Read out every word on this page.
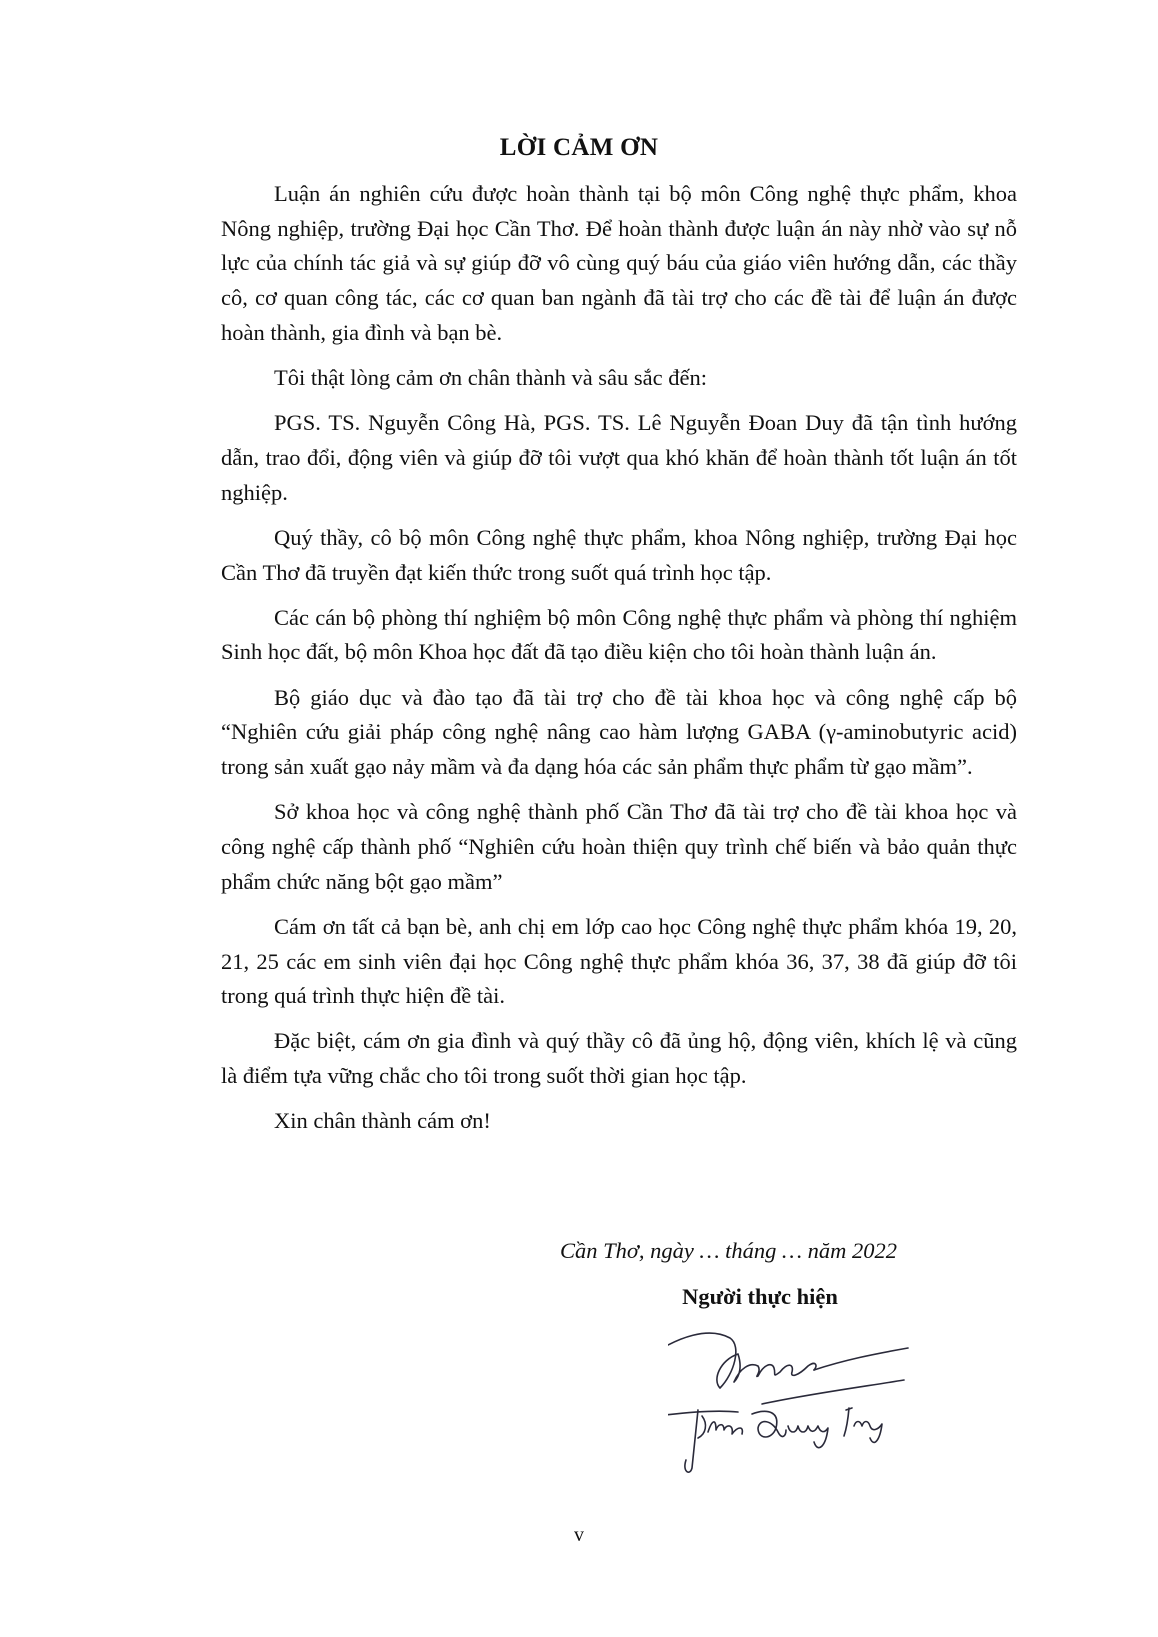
LỜI CẢM ƠN

Luận án nghiên cứu được hoàn thành tại bộ môn Công nghệ thực phẩm, khoa Nông nghiệp, trường Đại học Cần Thơ. Để hoàn thành được luận án này nhờ vào sự nỗ lực của chính tác giả và sự giúp đỡ vô cùng quý báu của giáo viên hướng dẫn, các thầy cô, cơ quan công tác, các cơ quan ban ngành đã tài trợ cho các đề tài để luận án được hoàn thành, gia đình và bạn bè.

Tôi thật lòng cảm ơn chân thành và sâu sắc đến:

PGS. TS. Nguyễn Công Hà, PGS. TS. Lê Nguyễn Đoan Duy đã tận tình hướng dẫn, trao đổi, động viên và giúp đỡ tôi vượt qua khó khăn để hoàn thành tốt luận án tốt nghiệp.

Quý thầy, cô bộ môn Công nghệ thực phẩm, khoa Nông nghiệp, trường Đại học Cần Thơ đã truyền đạt kiến thức trong suốt quá trình học tập.

Các cán bộ phòng thí nghiệm bộ môn Công nghệ thực phẩm và phòng thí nghiệm Sinh học đất, bộ môn Khoa học đất đã tạo điều kiện cho tôi hoàn thành luận án.

Bộ giáo dục và đào tạo đã tài trợ cho đề tài khoa học và công nghệ cấp bộ “Nghiên cứu giải pháp công nghệ nâng cao hàm lượng GABA (γ-aminobutyric acid) trong sản xuất gạo nảy mầm và đa dạng hóa các sản phẩm thực phẩm từ gạo mầm”.

Sở khoa học và công nghệ thành phố Cần Thơ đã tài trợ cho đề tài khoa học và công nghệ cấp thành phố “Nghiên cứu hoàn thiện quy trình chế biến và bảo quản thực phẩm chức năng bột gạo mầm”

Cám ơn tất cả bạn bè, anh chị em lớp cao học Công nghệ thực phẩm khóa 19, 20, 21, 25 các em sinh viên đại học Công nghệ thực phẩm khóa 36, 37, 38 đã giúp đỡ tôi trong quá trình thực hiện đề tài.

Đặc biệt, cám ơn gia đình và quý thầy cô đã ủng hộ, động viên, khích lệ và cũng là điểm tựa vững chắc cho tôi trong suốt thời gian học tập.

Xin chân thành cám ơn!

Cần Thơ, ngày … tháng … năm 2022
Người thực hiện
v
